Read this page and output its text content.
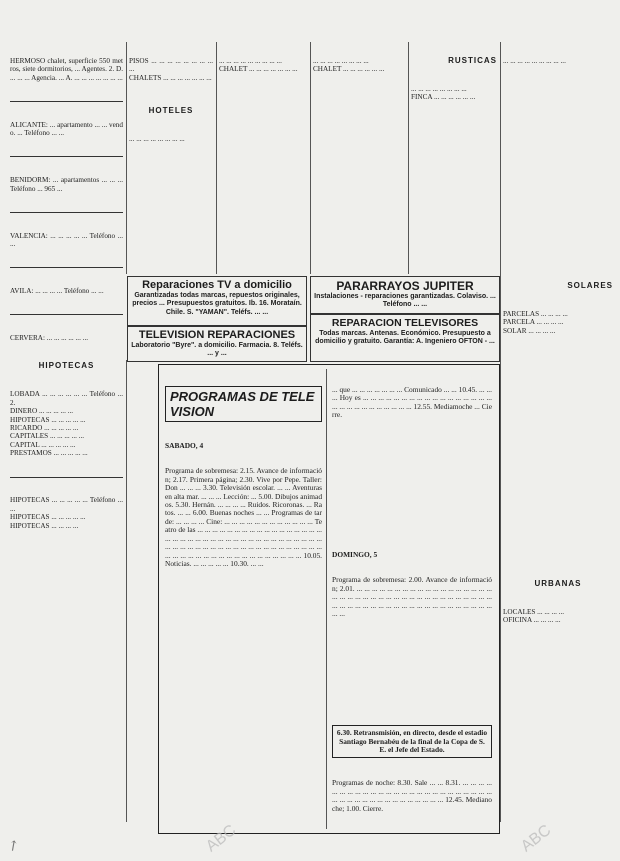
HERMOSO chalet, superficie 550 metros, siete dormitorios, ... Agentes. 2. D. ... ... ... Agencia. ... A. ... ... ... ... ... ... ...

ALICANTE: ... apartamento ... ... vendo. ... Teléfono ... ...

BENIDORM: ... apartamentos ... ... ... Teléfono ... 965 ...

VALENCIA: ... ... ... ... ... Teléfono ... ...

AVILA: ... ... ... ... Teléfono ... ...

CERVERA: ... ... ... ... ... ...

HIPOTECAS

LOBADA ... ... ... ... ... ... Teléfono ... 2.
DINERO ... ... ... ... ...
HIPOTECAS ... ... ... ... ...
RICARDO ... ... ... ... ...
CAPITALES ... ... ... ... ...
CAPITAL ... ... ... ... ...
PRESTAMOS ... ... ... ... ...

HIPOTECAS ... ... ... ... ... Teléfono ... ...
HIPOTECAS ... ... ... ... ...
HIPOTECAS ... ... ... ...

PISOS ... ... ... ... ... ... ... ... ...
CHALETS ... ... ... ... ... ... ...

HOTELES

... ... ... ... ... ... ... ...

... ... ... ... ... ... ... ... ...
CHALET ... ... ... ... ... ... ...

... ... ... ... ... ... ... ...
CHALET ... ... ... ... ... ...

RUSTICAS

... ... ... ... ... ... ... ...
FINCA ... ... ... ... ... ...

... ... ... ... ... ... ... ... ...

SOLARES

PARCELAS ... ... ... ...
PARCELA ... ... ... ...
SOLAR ... ... ... ...

URBANAS

LOCALES ... ... ... ...
OFICINA ... ... ... ...

Reparaciones TV a domicilio
Garantizadas todas marcas, repuestos originales, precios ... Presupuestos gratuitos. Ib. 16. Morataín. Chile. S. "YAMAN". Teléfs. ... ...
PARARRAYOS JUPITER
Instalaciones - reparaciones garantizadas. Colaviso. ... Teléfono ... ...
TELEVISION REPARACIONES
Laboratorio "Byre". a domicilio. Farmacia. 8. Teléfs. ... y ...
REPARACION TELEVISORES
Todas marcas. Antenas. Económico. Presupuesto a domicilio y gratuito. Garantía: A. Ingeniero OFTON - ...

PROGRAMAS DE TELEVISION

SABADO, 4

Programa de sobremesa: 2.15. Avance de información; 2.17. Primera página; 2.30. Vive por Pepe. Taller: Don ... ... ... 3.30. Televisión escolar. ... ... Aventuras en alta mar. ... ... ... Lección: ... 5.00. Dibujos animados. 5.30. Hernán. ... ... ... ... Ruidos. Ricoronas. ... Ratos. ... ... 6.00. Buenas noches ... ... Programas de tarde: ... ... ... ... Cine: ... ... ... ... ... ... ... ... ... ... ... ... Teatro de las ... ... ... ... ... ... ... ... ... ... ... ... ... ... ... ... ... ... ... ... ... ... ... ... ... ... ... ... ... ... ... ... ... ... ... ... ... ... ... ... ... ... ... ... ... ... ... ... ... ... ... ... ... ... ... ... ... ... ... ... ... ... ... ... ... ... ... ... ... ... ... ... ... ... ... ... ... 10.05. Noticias. ... ... ... ... ... 10.30. ... ...

... que ... ... ... ... ... ... ... Comunicado ... ... 10.45. ... ... ... Hoy es ... ... ... ... ... ... ... ... ... ... ... ... ... ... ... ... ... ... ... ... ... ... ... ... ... ... ... ... 12.55. Mediamoche ... Cierre.

DOMINGO, 5

Programa de sobremesa: 2.00. Avance de información; 2.01. ... ... ... ... ... ... ... ... ... ... ... ... ... ... ... ... ... ... ... ... ... ... ... ... ... ... ... ... ... ... ... ... ... ... ... ... ... ... ... ... ... ... ... ... ... ... ... ... ... ... ... ... ... ... ... ... ... ... ... ... ... ...

6.30. Retransmisión, en directo, desde el estadio Santiago Bernabéu de la final de la Copa de S. E. el Jefe del Estado.

Programas de noche: 8.30. Sale ... ... 8.31. ... ... ... ... ... ... ... ... ... ... ... ... ... ... ... ... ... ... ... ... ... ... ... ... ... ... ... ... ... ... ... ... ... ... ... ... ... ... ... ... 12.45. Medianoche; 1.00. Cierre.

ABC	ABC
↗
